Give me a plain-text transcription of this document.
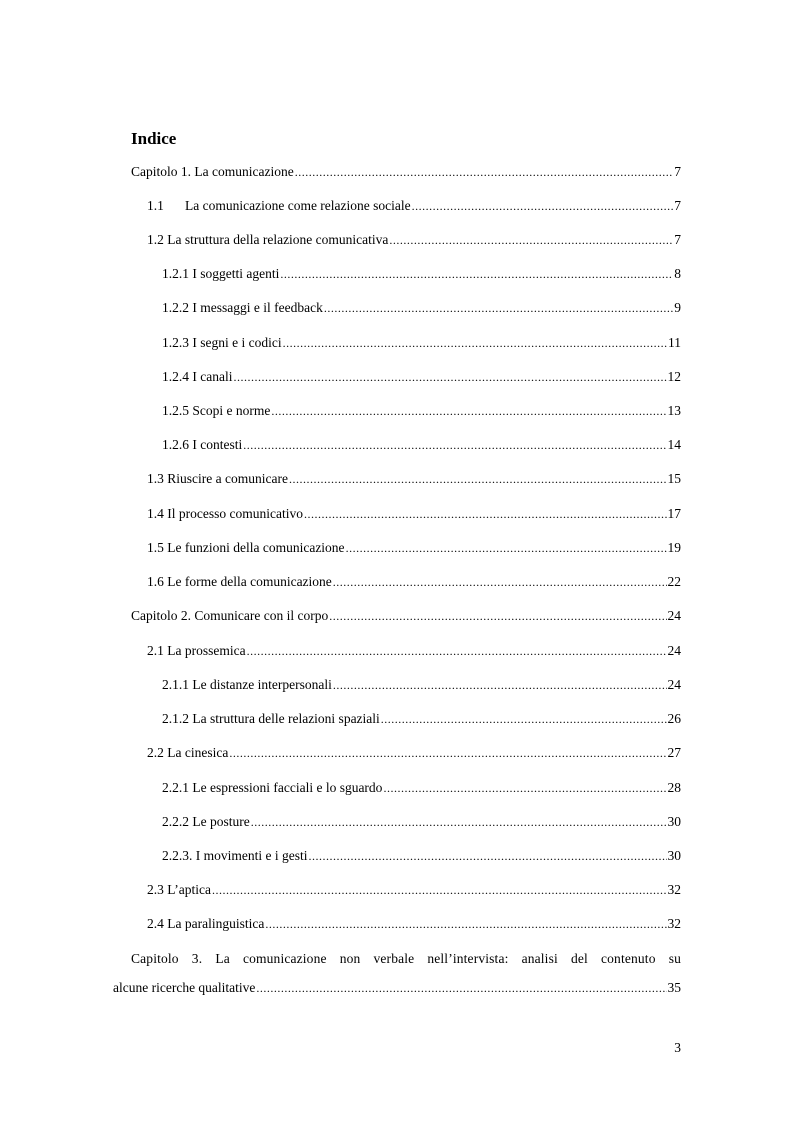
Indice
Capitolo 1. La comunicazione .....	7
1.1 La comunicazione come relazione sociale .....	7
1.2 La struttura della relazione comunicativa .....	7
1.2.1 I soggetti agenti .....	8
1.2.2 I messaggi e il feedback .....	9
1.2.3 I segni e i codici .....	11
1.2.4 I canali .....	12
1.2.5 Scopi e norme .....	13
1.2.6 I contesti .....	14
1.3 Riuscire a comunicare .....	15
1.4 Il processo comunicativo .....	17
1.5 Le funzioni della comunicazione .....	19
1.6 Le forme della comunicazione .....	22
Capitolo 2. Comunicare con il corpo .....	24
2.1 La prossemica .....	24
2.1.1 Le distanze interpersonali .....	24
2.1.2 La struttura delle relazioni spaziali .....	26
2.2 La cinesica .....	27
2.2.1 Le espressioni facciali e lo sguardo .....	28
2.2.2 Le posture .....	30
2.2.3. I movimenti e i gesti .....	30
2.3 L’aptica .....	32
2.4 La paralinguistica .....	32
Capitolo 3. La comunicazione non verbale nell’intervista: analisi del contenuto su
alcune ricerche qualitative .....	35
3
